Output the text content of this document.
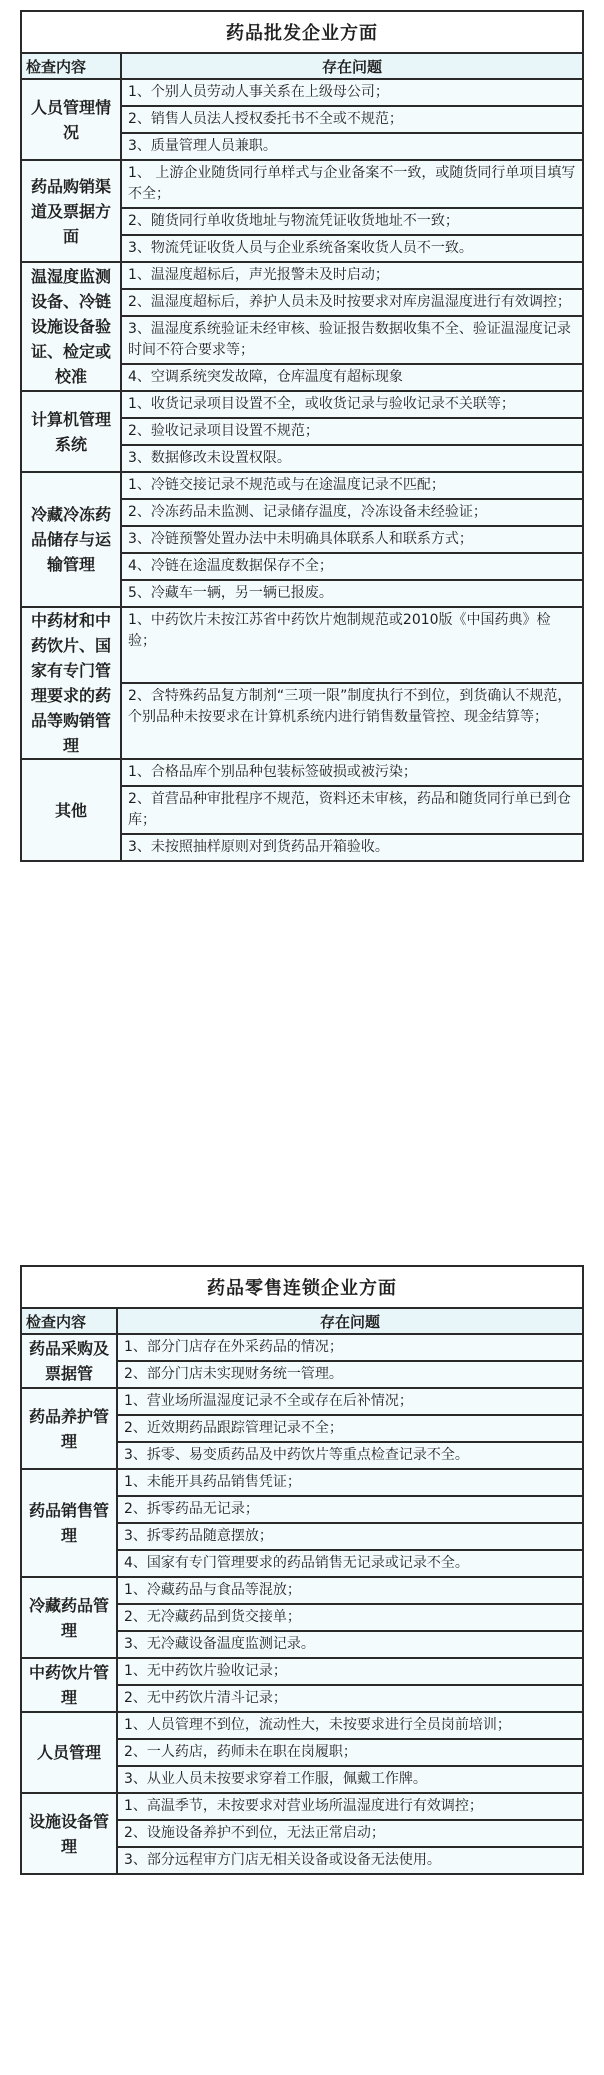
药品批发企业方面	
检查内容	存在问题
人员管理情况	1、个别人员劳动人事关系在上级母公司；
	2、销售人员法人授权委托书不全或不规范；
	3、质量管理人员兼职。
药品购销渠道及票据方面	1、 上游企业随货同行单样式与企业备案不一致，或随货同行单项目填写不全；
	2、随货同行单收货地址与物流凭证收货地址不一致；
	3、物流凭证收货人员与企业系统备案收货人员不一致。
温湿度监测设备、冷链设施设备验证、检定或校准	1、温湿度超标后，声光报警未及时启动；
	2、温湿度超标后，养护人员未及时按要求对库房温湿度进行有效调控；
	3、温湿度系统验证未经审核、验证报告数据收集不全、验证温湿度记录时间不符合要求等；
	4、空调系统突发故障，仓库温度有超标现象
计算机管理系统	1、收货记录项目设置不全，或收货记录与验收记录不关联等；
	2、验收记录项目设置不规范；
	3、数据修改未设置权限。
冷藏冷冻药品储存与运输管理	1、冷链交接记录不规范或与在途温度记录不匹配；
	2、冷冻药品未监测、记录储存温度，冷冻设备未经验证；
	3、冷链预警处置办法中未明确具体联系人和联系方式；
	4、冷链在途温度数据保存不全；
	5、冷藏车一辆，另一辆已报废。
中药材和中药饮片、国家有专门管理要求的药品等购销管理	1、中药饮片未按江苏省中药饮片炮制规范或2010版《中国药典》检验；
	2、含特殊药品复方制剂“三项一限”制度执行不到位，到货确认不规范，个别品种未按要求在计算机系统内进行销售数量管控、现金结算等；
其他	1、合格品库个别品种包装标签破损或被污染；
	2、首营品种审批程序不规范，资料还未审核，药品和随货同行单已到仓库；
	3、未按照抽样原则对到货药品开箱验收。
药品零售连锁企业方面	
检查内容	存在问题
药品采购及票据管	1、部分门店存在外采药品的情况；
	2、部分门店未实现财务统一管理。
药品养护管理	1、营业场所温湿度记录不全或存在后补情况；
	2、近效期药品跟踪管理记录不全；
	3、拆零、易变质药品及中药饮片等重点检查记录不全。
药品销售管理	1、未能开具药品销售凭证；
	2、拆零药品无记录；
	3、拆零药品随意摆放；
	4、国家有专门管理要求的药品销售无记录或记录不全。
冷藏药品管理	1、冷藏药品与食品等混放；
	2、无冷藏药品到货交接单；
	3、无冷藏设备温度监测记录。
中药饮片管理	1、无中药饮片验收记录；
	2、无中药饮片清斗记录；
人员管理	1、人员管理不到位，流动性大，未按要求进行全员岗前培训；
	2、一人药店，药师未在职在岗履职；
	3、从业人员未按要求穿着工作服，佩戴工作牌。
设施设备管理	1、高温季节，未按要求对营业场所温湿度进行有效调控；
	2、设施设备养护不到位，无法正常启动；
	3、部分远程审方门店无相关设备或设备无法使用。
